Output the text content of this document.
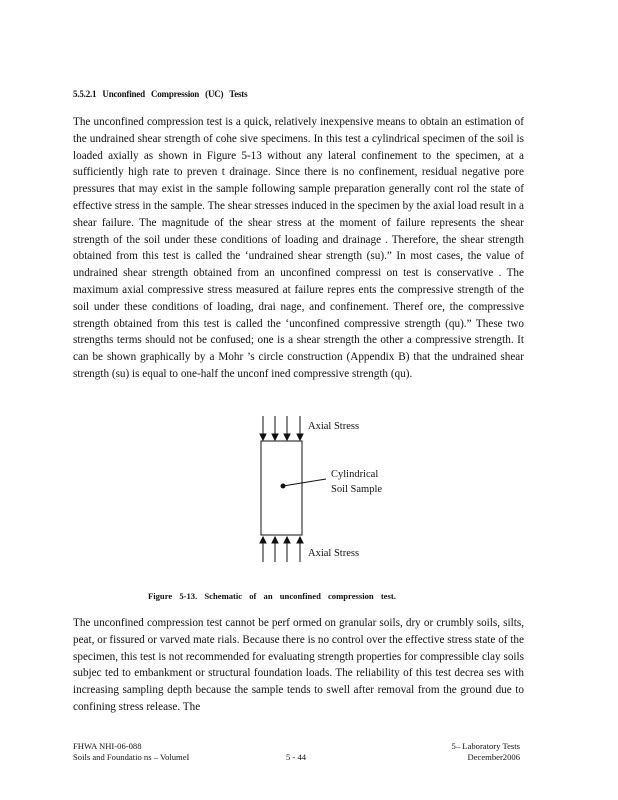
5.5.2.1 Unconfined Compression (UC) Tests

The unconfined compression test is a quick, relatively inexpensive means to obtain an estimation of the undrained shear strength of cohe sive specimens. In this test a cylindrical specimen of the soil is loaded axially as shown in Figure 5-13 without any lateral confinement to the specimen, at a sufficiently high rate to preven t drainage. Since there is no confinement, residual negative pore pressures that may exist in the sample following sample preparation generally cont rol the state of effective stress in the sample. The shear stresses induced in the specimen by the axial load result in a shear failure. The magnitude of the shear stress at the moment of failure represents the shear strength of the soil under these conditions of loading and drainage . Therefore, the shear strength obtained from this test is called the ‘undrained shear strength (su).” In most cases, the value of undrained shear strength obtained from an unconfined compressi on test is conservative . The maximum axial compressive stress measured at failure repres ents the compressive strength of the soil under these conditions of loading, drai nage, and confinement. Theref ore, the compressive strength obtained from this test is called the ‘unconfined compressive strength (qu).” These two strengths terms should not be confused; one is a shear strength the other a compressive strength. It can be shown graphically by a Mohr ’s circle construction (Appendix B) that the undrained shear strength (su) is equal to one-half the unconf ined compressive strength (qu).

Axial Stress
Cylindrical
Soil Sample
Axial Stress
Figure 5-13. Schematic of an unconfined compression test.

The unconfined compression test cannot be perf ormed on granular soils, dry or crumbly soils, silts, peat, or fissured or varved mate rials. Because there is no control over the effective stress state of the specimen, this test is not recommended for evaluating strength properties for compressible clay soils subjec ted to embankment or structural foundation loads. The reliability of this test decrea ses with increasing sampling depth because the sample tends to swell after removal from the ground due to confining stress release. The

FHWA NHI-06-088
Soils and Foundatio ns – VolumeI	5 - 44
5– Laboratory Tests
December2006
